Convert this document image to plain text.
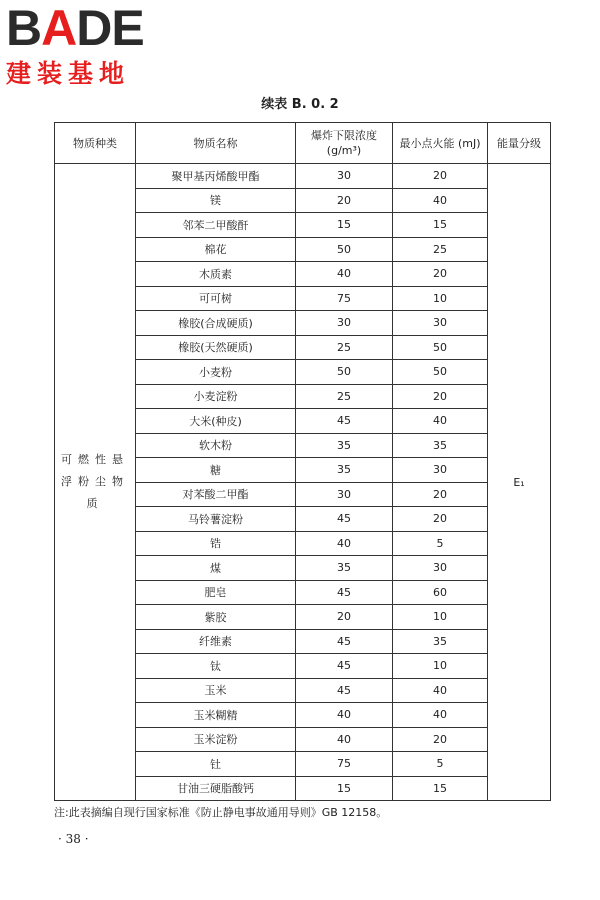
B A DE
建装基地
续表 B. 0. 2
物质种类	物质名称	爆炸下限浓度 (g/m³)	最小点火能 (mJ)	能量分级
可燃性悬浮粉尘物质	聚甲基丙烯酸甲酯	30	20	E₁
	镁	20	40	
	邻苯二甲酸酐	15	15	
	棉花	50	25	
	木质素	40	20	
	可可树	75	10	
	橡胶(合成硬质)	30	30	
	橡胶(天然硬质)	25	50	
	小麦粉	50	50	
	小麦淀粉	25	20	
	大米(种皮)	45	40	
	软木粉	35	35	
	糖	35	30	
	对苯酸二甲酯	30	20	
	马铃薯淀粉	45	20	
	锆	40	5	
	煤	35	30	
	肥皂	45	60	
	紫胶	20	10	
	纤维素	45	35	
	钛	45	10	
	玉米	45	40	
	玉米糊精	40	40	
	玉米淀粉	40	20	
	钍	75	5	
	甘油三硬脂酸钙	15	15	
注:此表摘编自现行国家标准《防止静电事故通用导则》GB 12158。
· 38 ·
